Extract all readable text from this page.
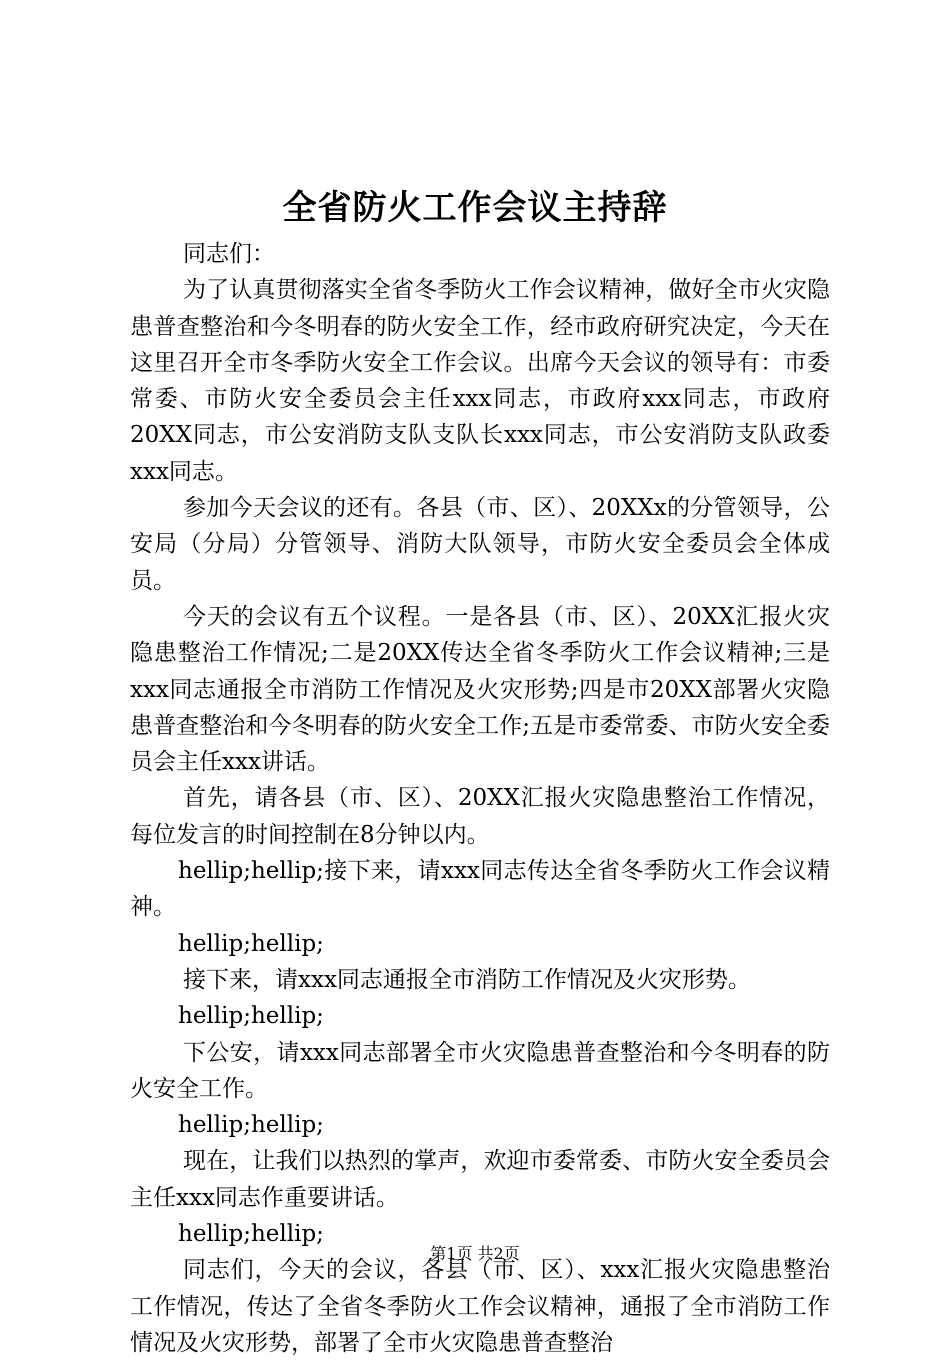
全省防火工作会议主持辞

同志们：

为了认真贯彻落实全省冬季防火工作会议精神，做好全市火灾隐患普查整治和今冬明春的防火安全工作，经市政府研究决定，今天在这里召开全市冬季防火安全工作会议。出席今天会议的领导有：市委常委、市防火安全委员会主任xxx同志，市政府xxx同志，市政府20XX同志，市公安消防支队支队长xxx同志，市公安消防支队政委xxx同志。

参加今天会议的还有。各县（市、区）、20XXx的分管领导，公安局（分局）分管领导、消防大队领导，市防火安全委员会全体成员。

今天的会议有五个议程。一是各县（市、区）、20XX汇报火灾隐患整治工作情况;二是20XX传达全省冬季防火工作会议精神;三是xxx同志通报全市消防工作情况及火灾形势;四是市20XX部署火灾隐患普查整治和今冬明春的防火安全工作;五是市委常委、市防火安全委员会主任xxx讲话。

首先，请各县（市、区）、20XX汇报火灾隐患整治工作情况，每位发言的时间控制在8分钟以内。

hellip;hellip;接下来，请xxx同志传达全省冬季防火工作会议精神。

hellip;hellip;

接下来，请xxx同志通报全市消防工作情况及火灾形势。

hellip;hellip;

下公安，请xxx同志部署全市火灾隐患普查整治和今冬明春的防火安全工作。

hellip;hellip;

现在，让我们以热烈的掌声，欢迎市委常委、市防火安全委员会主任xxx同志作重要讲话。

hellip;hellip;

同志们，今天的会议，各县（市、区）、xxx汇报火灾隐患整治工作情况，传达了全省冬季防火工作会议精神，通报了全市消防工作情况及火灾形势，部署了全市火灾隐患普查整治

第1页 共2页
